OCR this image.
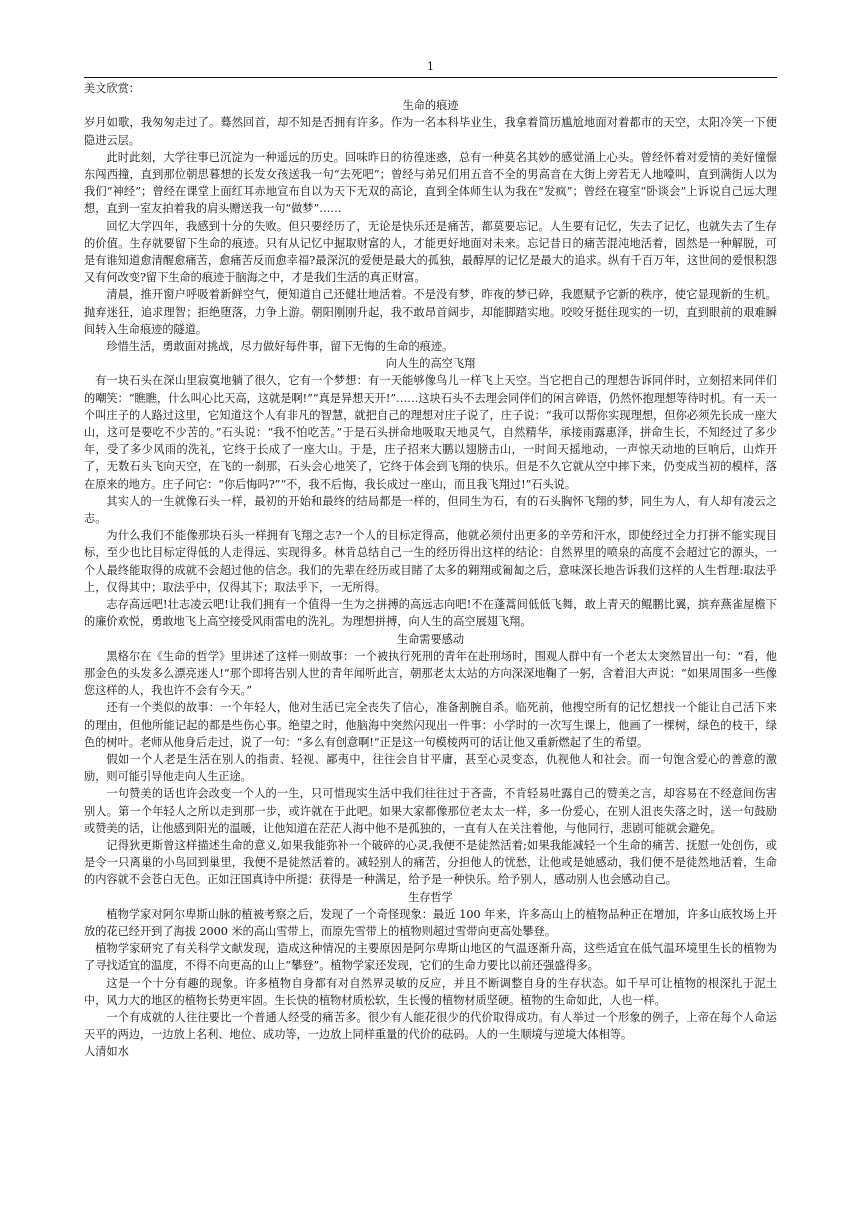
1

美文欣赏：

生命的痕迹

岁月如歌，我匆匆走过了。蓦然回首，却不知是否拥有许多。作为一名本科毕业生，我拿着简历尴尬地面对着都市的天空，太阳冷笑一下便隐进云层。

此时此刻，大学往事已沉淀为一种遥远的历史。回味昨日的彷徨迷惑，总有一种莫名其妙的感觉涌上心头。曾经怀着对爱情的美好憧憬东闯西撞，直到那位朝思暮想的长发女孩送我一句“去死吧”；曾经与弟兄们用五音不全的男高音在大街上旁若无人地嚎叫，直到满街人以为我们“神经”；曾经在课堂上面红耳赤地宣布自以为天下无双的高论，直到全体师生认为我在“发疯”；曾经在寝室“卧谈会”上诉说自己远大理想，直到一室友拍着我的肩头赠送我一句“做梦”……

回忆大学四年，我感到十分的失败。但只要经历了，无论是快乐还是痛苦，都莫要忘记。人生要有记忆，失去了记忆，也就失去了生存的价值。生存就要留下生命的痕迹。只有从记忆中掘取财富的人，才能更好地面对未来。忘记昔日的痛苦混沌地活着，固然是一种解脱，可是有谁知道愈清醒愈痛苦，愈痛苦反而愈幸福?最深沉的爱便是最大的孤独，最醇厚的记忆是最大的追求。纵有千百万年，这世间的爱恨积怨又有何改变?留下生命的痕迹于脑海之中，才是我们生活的真正财富。

清晨，推开窗户呼吸着新鲜空气，便知道自己还健壮地活着。不是没有梦，昨夜的梦已碎，我愿赋予它新的秩序，使它显现新的生机。抛弃迷狂，追求理智；拒绝堕落，力争上游。朝阳刚刚升起，我不敢昂首阔步，却能脚踏实地。咬咬牙挺住现实的一切，直到眼前的艰难瞬间转入生命痕迹的隧道。

珍惜生活，勇敢面对挑战，尽力做好每件事，留下无悔的生命的痕迹。

向人生的高空飞翔

有一块石头在深山里寂寞地躺了很久，它有一个梦想：有一天能够像鸟儿一样飞上天空。当它把自己的理想告诉同伴时，立刻招来同伴们的嘲笑：“瞧瞧，什么叫心比天高，这就是啊!”“真是异想天开!”……这块石头不去理会同伴们的闲言碎语，仍然怀抱理想等待时机。有一天一个叫庄子的人路过这里，它知道这个人有非凡的智慧，就把自己的理想对庄子说了，庄子说：“我可以帮你实现理想，但你必须先长成一座大山，这可是要吃不少苦的。”石头说：“我不怕吃苦。”于是石头拼命地吸取天地灵气，自然精华，承接雨露惠泽，拼命生长，不知经过了多少年，受了多少风雨的洗礼，它终于长成了一座大山。于是，庄子招来大鹏以翅膀击山，一时间天摇地动，一声惊天动地的巨响后，山炸开了，无数石头飞向天空，在飞的一刹那，石头会心地笑了，它终于体会到飞翔的快乐。但是不久它就从空中摔下来，仍变成当初的模样，落在原来的地方。庄子问它：“你后悔吗?”“不，我不后悔，我长成过一座山，而且我飞翔过!”石头说。

其实人的一生就像石头一样，最初的开始和最终的结局都是一样的，但同生为石，有的石头胸怀飞翔的梦，同生为人，有人却有凌云之志。

为什么我们不能像那块石头一样拥有飞翔之志?一个人的目标定得高，他就必须付出更多的辛劳和汗水，即使经过全力打拼不能实现目标，至少也比目标定得低的人走得远、实现得多。林肯总结自己一生的经历得出这样的结论：自然界里的喷泉的高度不会超过它的源头，一个人最终能取得的成就不会超过他的信念。我们的先辈在经历或目睹了太多的翱翔或匍匐之后，意味深长地告诉我们这样的人生哲理:取法乎上，仅得其中；取法乎中，仅得其下；取法乎下，一无所得。

志存高远吧!壮志凌云吧!让我们拥有一个值得一生为之拼搏的高远志向吧!不在蓬蒿间低低飞舞，敢上青天的鲲鹏比翼，摈弃燕雀屋檐下的廉价欢悦，勇敢地飞上高空接受风雨雷电的洗礼。为理想拼搏，向人生的高空展翅飞翔。

生命需要感动

黑格尔在《生命的哲学》里讲述了这样一则故事：一个被执行死刑的青年在赴刑场时，围观人群中有一个老太太突然冒出一句：“看，他那金色的头发多么漂亮迷人!”那个即将告别人世的青年闻听此言，朝那老太太站的方向深深地鞠了一躬，含着泪大声说：“如果周围多一些像您这样的人，我也许不会有今天。”

还有一个类似的故事：一个年轻人，他对生活已完全丧失了信心，准备割腕自杀。临死前，他搜空所有的记忆想找一个能让自己活下来的理由，但他所能记起的都是些伤心事。绝望之时，他脑海中突然闪现出一件事：小学时的一次写生课上，他画了一棵树，绿色的枝干，绿色的树叶。老师从他身后走过，说了一句：“多么有创意啊!”正是这一句模棱两可的话让他又重新燃起了生的希望。

假如一个人老是生活在别人的指责、轻视、鄙夷中，往往会自甘平庸，甚至心灵变态，仇视他人和社会。而一句饱含爱心的善意的激励，则可能引导他走向人生正途。

一句赞美的话也许会改变一个人的一生，只可惜现实生活中我们往往过于吝啬，不肯轻易吐露自己的赞美之言，却容易在不经意间伤害别人。第一个年轻人之所以走到那一步，或许就在于此吧。如果大家都像那位老太太一样，多一份爱心，在别人沮丧失落之时，送一句鼓励或赞美的话，让他感到阳光的温暖，让他知道在茫茫人海中他不是孤独的，一直有人在关注着他，与他同行，悲剧可能就会避免。

记得狄更斯曾这样描述生命的意义,如果我能弥补一个破碎的心灵,我便不是徒然活着;如果我能减轻一个生命的痛苦、抚慰一处创伤，或是令一只离巢的小鸟回到巢里，我便不是徒然活着的。减轻别人的痛苦，分担他人的忧愁，让他或是她感动，我们便不是徒然地活着，生命的内容就不会苍白无色。正如汪国真诗中所提：获得是一种满足，给予是一种快乐。给予别人，感动别人也会感动自己。

生存哲学

植物学家对阿尔卑斯山脉的植被考察之后，发现了一个奇怪现象：最近 100 年来，许多高山上的植物品种正在增加，许多山底牧场上开放的花已经开到了海拔 2000 米的高山雪带上，而原先雪带上的植物则超过雪带向更高处攀登。

植物学家研究了有关科学文献发现，造成这种情况的主要原因是阿尔卑斯山地区的气温逐渐升高，这些适宜在低气温环境里生长的植物为了寻找适宜的温度，不得不向更高的山上“攀登”。植物学家还发现，它们的生命力要比以前还强盛得多。

这是一个十分有趣的现象。许多植物自身都有对自然界灵敏的反应，并且不断调整自身的生存状态。如千早可让植物的根深扎于泥土中，风力大的地区的植物长势更牢固。生长快的植物材质松软，生长慢的植物材质坚硬。植物的生命如此，人也一样。

一个有成就的人往往要比一个普通人经受的痛苦多。很少有人能花很少的代价取得成功。有人举过一个形象的例子，上帝在每个人命运天平的两边，一边放上名利、地位、成功等，一边放上同样重量的代价的砝码。人的一生顺境与逆境大体相等。

人清如水
